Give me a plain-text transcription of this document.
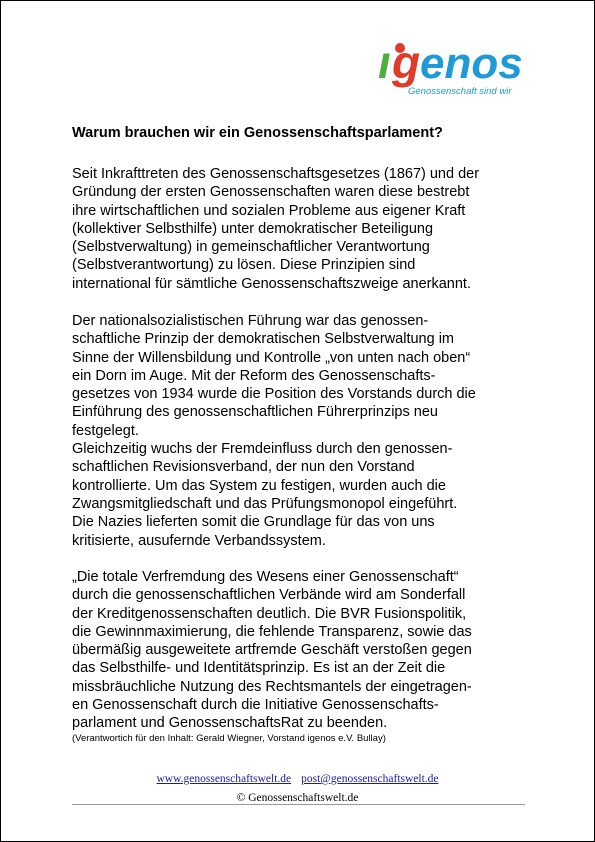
ı g enos
Genossenschaft sind wir
Warum brauchen wir ein Genossenschaftsparlament?
Seit Inkrafttreten des Genossenschaftsgesetzes (1867) und der
Gründung der ersten Genossenschaften waren diese bestrebt
ihre wirtschaftlichen und sozialen Probleme aus eigener Kraft
(kollektiver Selbsthilfe) unter demokratischer Beteiligung
(Selbstverwaltung) in gemeinschaftlicher Verantwortung
(Selbstverantwortung) zu lösen. Diese Prinzipien sind
international für sämtliche Genossenschaftszweige anerkannt.
Der nationalsozialistischen Führung war das genossen-
schaftliche Prinzip der demokratischen Selbstverwaltung im
Sinne der Willensbildung und Kontrolle „von unten nach oben“
ein Dorn im Auge. Mit der Reform des Genossenschafts-
gesetzes von 1934 wurde die Position des Vorstands durch die
Einführung des genossenschaftlichen Führerprinzips neu
festgelegt.
Gleichzeitig wuchs der Fremdeinfluss durch den genossen-
schaftlichen Revisionsverband, der nun den Vorstand
kontrollierte. Um das System zu festigen, wurden auch die
Zwangsmitgliedschaft und das Prüfungsmonopol eingeführt.
Die Nazies lieferten somit die Grundlage für das von uns
kritisierte, ausufernde Verbandssystem.
„Die totale Verfremdung des Wesens einer Genossenschaft“
durch die genossenschaftlichen Verbände wird am Sonderfall
der Kreditgenossenschaften deutlich. Die BVR Fusionspolitik,
die Gewinnmaximierung, die fehlende Transparenz, sowie das
übermäßig ausgeweitete artfremde Geschäft verstoßen gegen
das Selbsthilfe- und Identitätsprinzip. Es ist an der Zeit die
missbräuchliche Nutzung des Rechtsmantels der eingetragen-
en Genossenschaft durch die Initiative Genossenschafts-
parlament und GenossenschaftsRat zu beenden.
(Verantwortich für den Inhalt: Gerald Wiegner, Vorstand igenos e.V. Bullay)
www.genossenschaftswelt.de post@genossenschaftswelt.de
© Genossenschaftswelt.de
